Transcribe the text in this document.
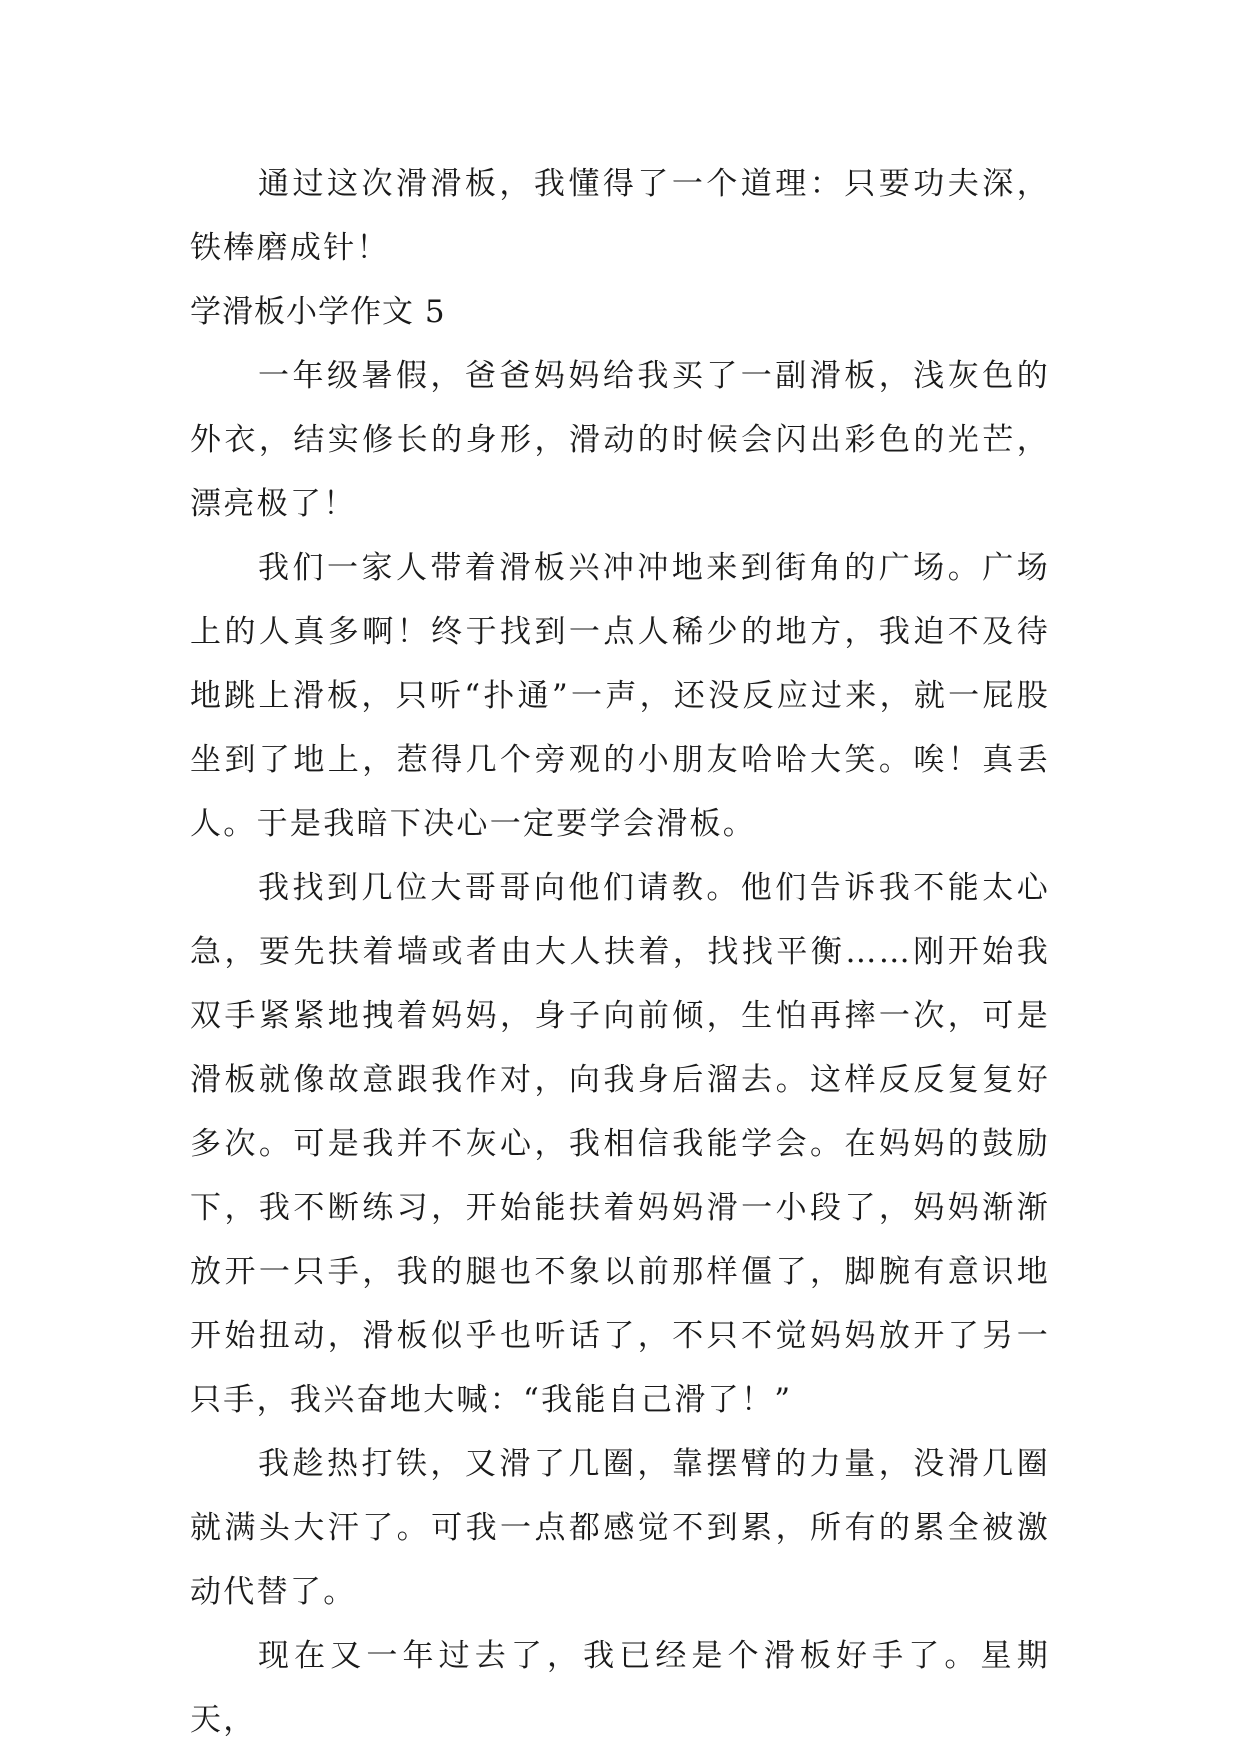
通过这次滑滑板，我懂得了一个道理：只要功夫深，铁棒磨成针！

学滑板小学作文 5

一年级暑假，爸爸妈妈给我买了一副滑板，浅灰色的外衣，结实修长的身形，滑动的时候会闪出彩色的光芒，漂亮极了！

我们一家人带着滑板兴冲冲地来到街角的广场。广场上的人真多啊！终于找到一点人稀少的地方，我迫不及待地跳上滑板，只听“扑通”一声，还没反应过来，就一屁股坐到了地上，惹得几个旁观的小朋友哈哈大笑。唉！真丢人。于是我暗下决心一定要学会滑板。

我找到几位大哥哥向他们请教。他们告诉我不能太心急，要先扶着墙或者由大人扶着，找找平衡……刚开始我双手紧紧地拽着妈妈，身子向前倾，生怕再摔一次，可是滑板就像故意跟我作对，向我身后溜去。这样反反复复好多次。可是我并不灰心，我相信我能学会。在妈妈的鼓励下，我不断练习，开始能扶着妈妈滑一小段了，妈妈渐渐放开一只手，我的腿也不象以前那样僵了，脚腕有意识地开始扭动，滑板似乎也听话了，不只不觉妈妈放开了另一只手，我兴奋地大喊：“我能自己滑了！”

我趁热打铁，又滑了几圈，靠摆臂的力量，没滑几圈就满头大汗了。可我一点都感觉不到累，所有的累全被激动代替了。

现在又一年过去了，我已经是个滑板好手了。星期天，
